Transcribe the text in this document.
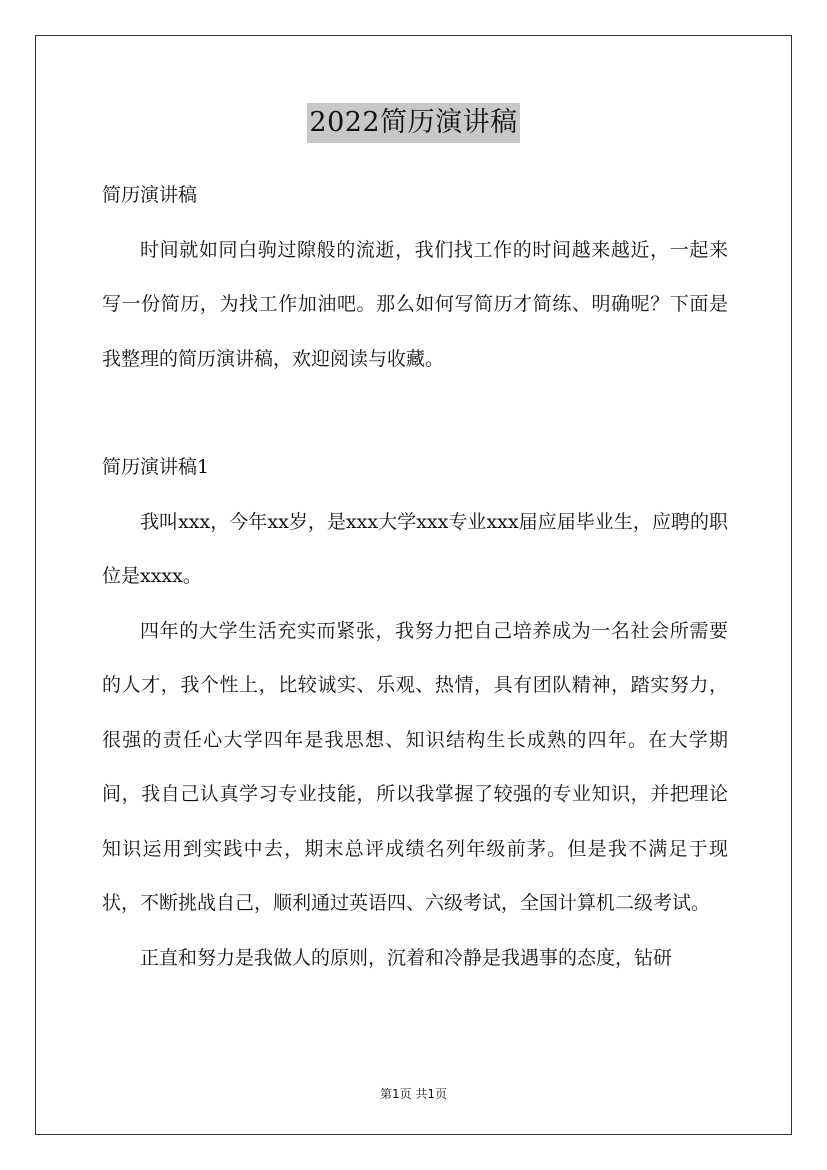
2022简历演讲稿

简历演讲稿

时间就如同白驹过隙般的流逝，我们找工作的时间越来越近，一起来写一份简历，为找工作加油吧。那么如何写简历才简练、明确呢？下面是我整理的简历演讲稿，欢迎阅读与收藏。

简历演讲稿1

我叫xxx，今年xx岁，是xxx大学xxx专业xxx届应届毕业生，应聘的职位是xxxx。

四年的大学生活充实而紧张，我努力把自己培养成为一名社会所需要的人才，我个性上，比较诚实、乐观、热情，具有团队精神，踏实努力，很强的责任心大学四年是我思想、知识结构生长成熟的四年。在大学期间，我自己认真学习专业技能，所以我掌握了较强的专业知识，并把理论知识运用到实践中去，期末总评成绩名列年级前茅。但是我不满足于现状，不断挑战自己，顺利通过英语四、六级考试，全国计算机二级考试。

正直和努力是我做人的原则，沉着和冷静是我遇事的态度，钻研

第1页 共1页
